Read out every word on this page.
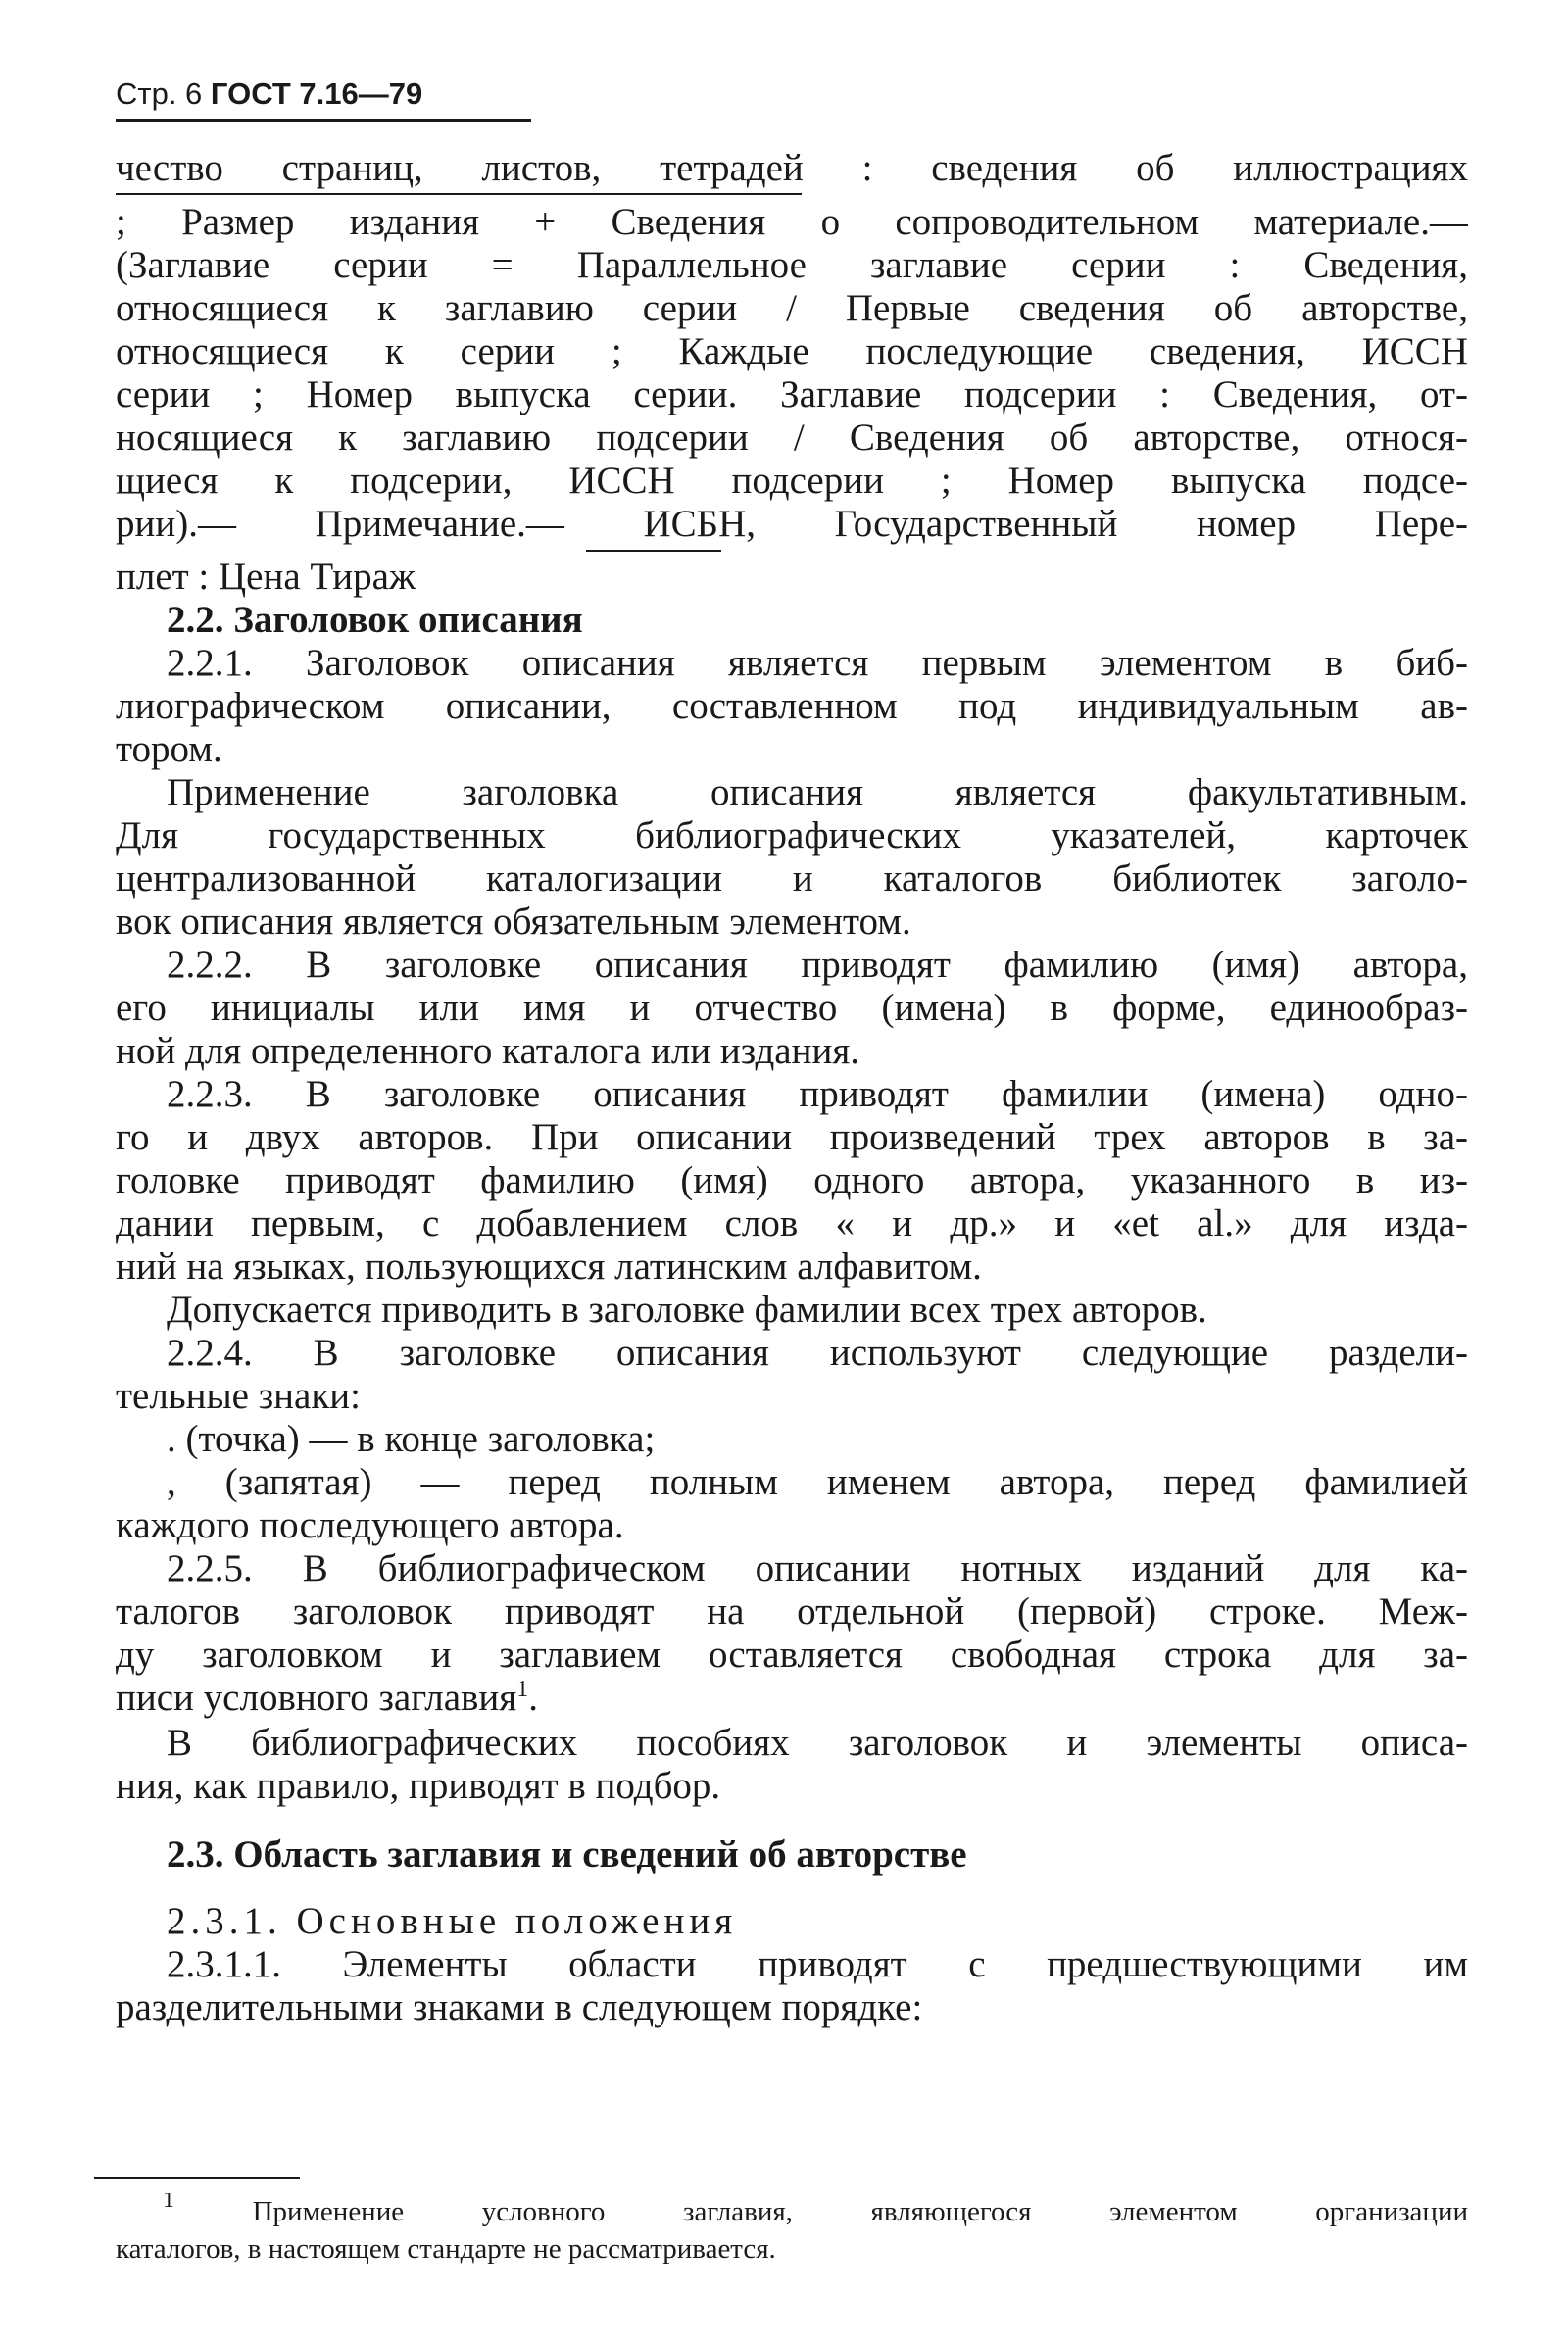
Стр. 6 ГОСТ 7.16—79
чество страниц, листов, тетрадей : сведения об иллюстрациях
; Размер издания + Сведения о сопроводительном материале.—
(Заглавие серии = Параллельное заглавие серии : Сведения,
относящиеся к заглавию серии / Первые сведения об авторстве,
относящиеся к серии ; Каждые последующие сведения, ИССН
серии ; Номер выпуска серии. Заглавие подсерии : Сведения, от-
носящиеся к заглавию подсерии / Сведения об авторстве, относя-
щиеся к подсерии, ИССН подсерии ; Номер выпуска подсе-
рии).— Примечание.— ИСБН, Государственный номер Пере-
плет : Цена Тираж
2.2. Заголовок описания
2.2.1. Заголовок описания является первым элементом в биб-
лиографическом описании, составленном под индивидуальным ав-
тором.
Применение заголовка описания является факультативным.
Для государственных библиографических указателей, карточек
централизованной каталогизации и каталогов библиотек заголо-
вок описания является обязательным элементом.
2.2.2. В заголовке описания приводят фамилию (имя) автора,
его инициалы или имя и отчество (имена) в форме, единообраз-
ной для определенного каталога или издания.
2.2.3. В заголовке описания приводят фамилии (имена) одно-
го и двух авторов. При описании произведений трех авторов в за-
головке приводят фамилию (имя) одного автора, указанного в из-
дании первым, с добавлением слов « и др.» и «et al.» для изда-
ний на языках, пользующихся латинским алфавитом.
Допускается приводить в заголовке фамилии всех трех авторов.
2.2.4. В заголовке описания используют следующие раздели-
тельные знаки:
. (точка) — в конце заголовка;
, (запятая) — перед полным именем автора, перед фамилией
каждого последующего автора.
2.2.5. В библиографическом описании нотных изданий для ка-
талогов заголовок приводят на отдельной (первой) строке. Меж-
ду заголовком и заглавием оставляется свободная строка для за-
писи условного заглавия$^1$.
В библиографических пособиях заголовок и элементы описа-
ния, как правило, приводят в подбор.
2.3. Область заглавия и сведений об авторстве
2.3.1. Основные положения
2.3.1.1. Элементы области приводят с предшествующими им
разделительными знаками в следующем порядке:
$^1$	Применение условного заглавия, являющегося элементом организации
каталогов, в настоящем стандарте не рассматривается.
